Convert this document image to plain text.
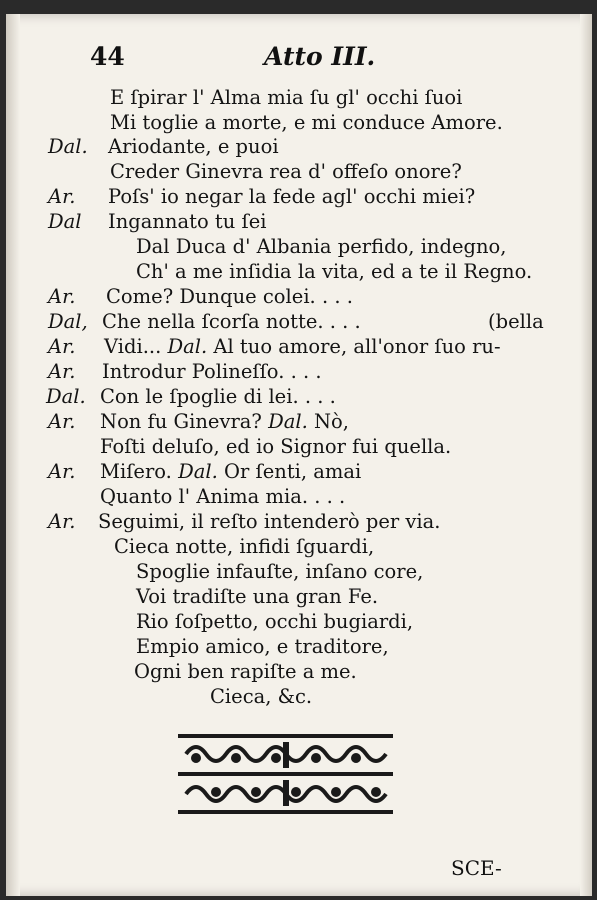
44	Atto III.
E ſpirar l' Alma mia ſu gl' occhi ſuoi
Mi toglie a morte, e mi conduce Amore.
Dal. Ariodante, e puoi
Creder Ginevra rea d' offeſo onore?
Ar. Poſs' io negar la fede agl' occhi miei?
Dal Ingannato tu ſei
Dal Duca d' Albania perfido, indegno,
Ch' a me inſidia la vita, ed a te il Regno.
Ar. Come? Dunque colei. . . .
Dal, Che nella ſcorſa notte. . . .	(bella
Ar. Vidi... Dal. Al tuo amore, all'onor ſuo ru-
Ar. Introdur Polineſſo. . . .
Dal. Con le ſpoglie di lei. . . .
Ar. Non fu Ginevra? Dal. Nò,
Foſti deluſo, ed io Signor fui quella.
Ar. Miſero. Dal. Or ſenti, amai
Quanto l' Anima mia. . . .
Ar. Seguimi, il reſto intenderò per via.
Cieca notte, infidi ſguardi,
Spoglie infauſte, inſano core,
Voi tradiſte una gran Fe.
Rio ſoſpetto, occhi bugiardi,
Empio amico, e traditore,
Ogni ben rapiſte a me.
Cieca, &c.
SCE-
